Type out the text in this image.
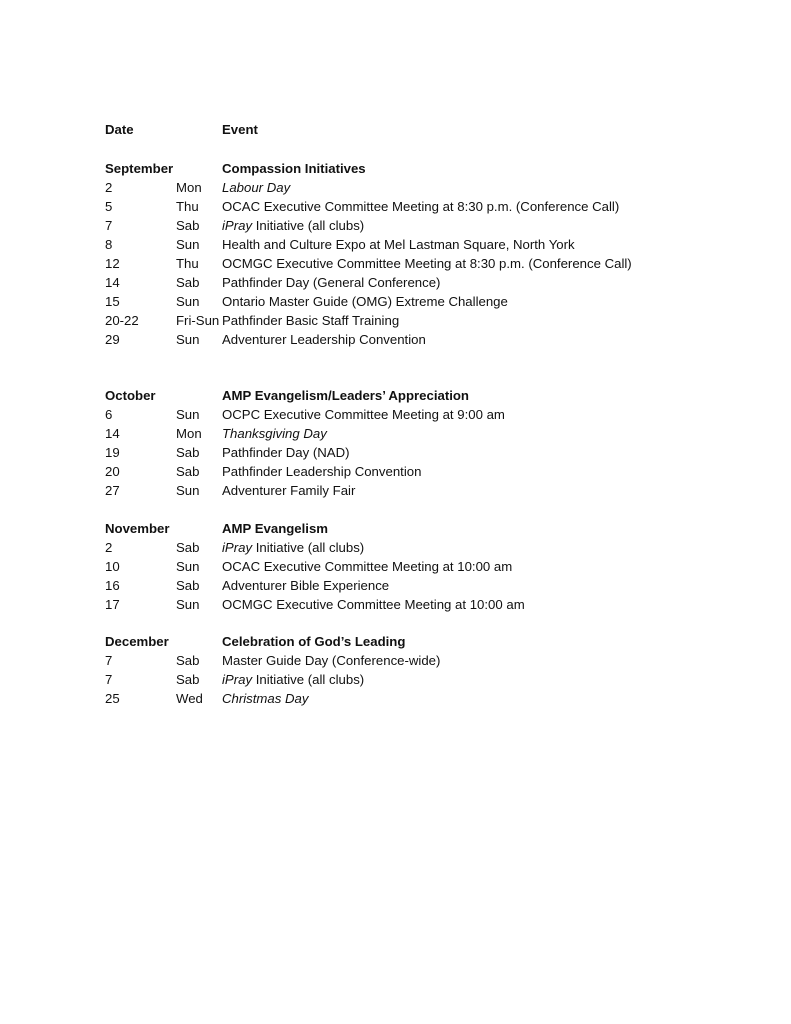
Date	Event
September	Compassion Initiatives
2	Mon Labour Day
5	Thu OCAC Executive Committee Meeting at 8:30 p.m. (Conference Call)
7	Sab iPray Initiative (all clubs)
8	Sun Health and Culture Expo at Mel Lastman Square, North York
12	Thu OCMGC Executive Committee Meeting at 8:30 p.m. (Conference Call)
14	Sab Pathfinder Day (General Conference)
15	Sun Ontario Master Guide (OMG) Extreme Challenge
20-22	Fri-Sun Pathfinder Basic Staff Training
29	Sun Adventurer Leadership Convention
October	AMP Evangelism/Leaders’ Appreciation
6	Sun OCPC Executive Committee Meeting at 9:00 am
14	Mon Thanksgiving Day
19	Sab Pathfinder Day (NAD)
20	Sab Pathfinder Leadership Convention
27	Sun Adventurer Family Fair
November	AMP Evangelism
2	Sab iPray Initiative (all clubs)
10	Sun OCAC Executive Committee Meeting at 10:00 am
16	Sab Adventurer Bible Experience
17	Sun OCMGC Executive Committee Meeting at 10:00 am
December	Celebration of God’s Leading
7	Sab Master Guide Day (Conference-wide)
7	Sab iPray Initiative (all clubs)
25	Wed Christmas Day
